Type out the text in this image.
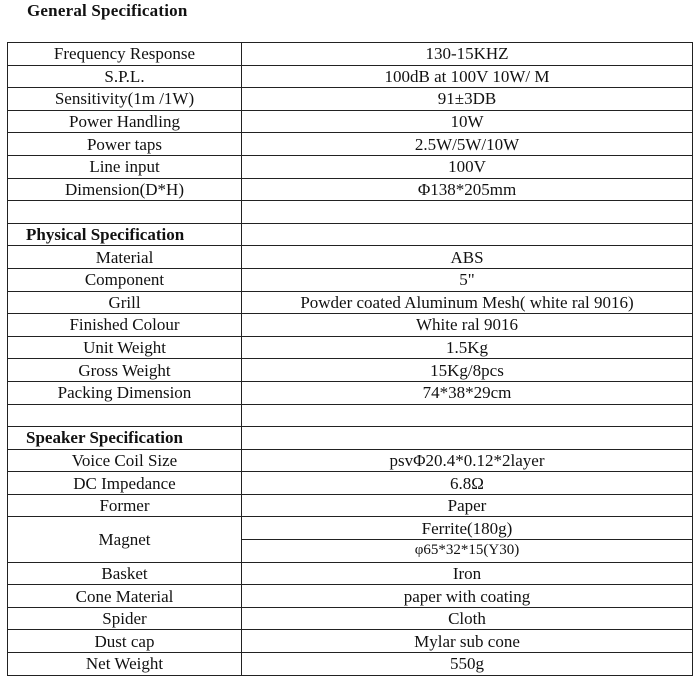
General Specification
Frequency Response	130-15KHZ
S.P.L.	100dB at 100V 10W/ M
Sensitivity(1m /1W)	91±3DB
Power Handling	10W
Power taps	2.5W/5W/10W
Line input	100V
Dimension(D*H)	Φ138*205mm

Physical Specification	
Material	ABS
Component	5"
Grill	Powder coated Aluminum Mesh( white ral 9016)
Finished Colour	White ral 9016
Unit Weight	1.5Kg
Gross Weight	15Kg/8pcs
Packing Dimension	74*38*29cm

Speaker Specification	
Voice Coil Size	psvΦ20.4*0.12*2layer
DC Impedance	6.8Ω
Former	Paper
Magnet	Ferrite(180g)
	φ65*32*15(Y30)
Basket	Iron
Cone Material	paper with coating
Spider	Cloth
Dust cap	Mylar sub cone
Net Weight	550g
